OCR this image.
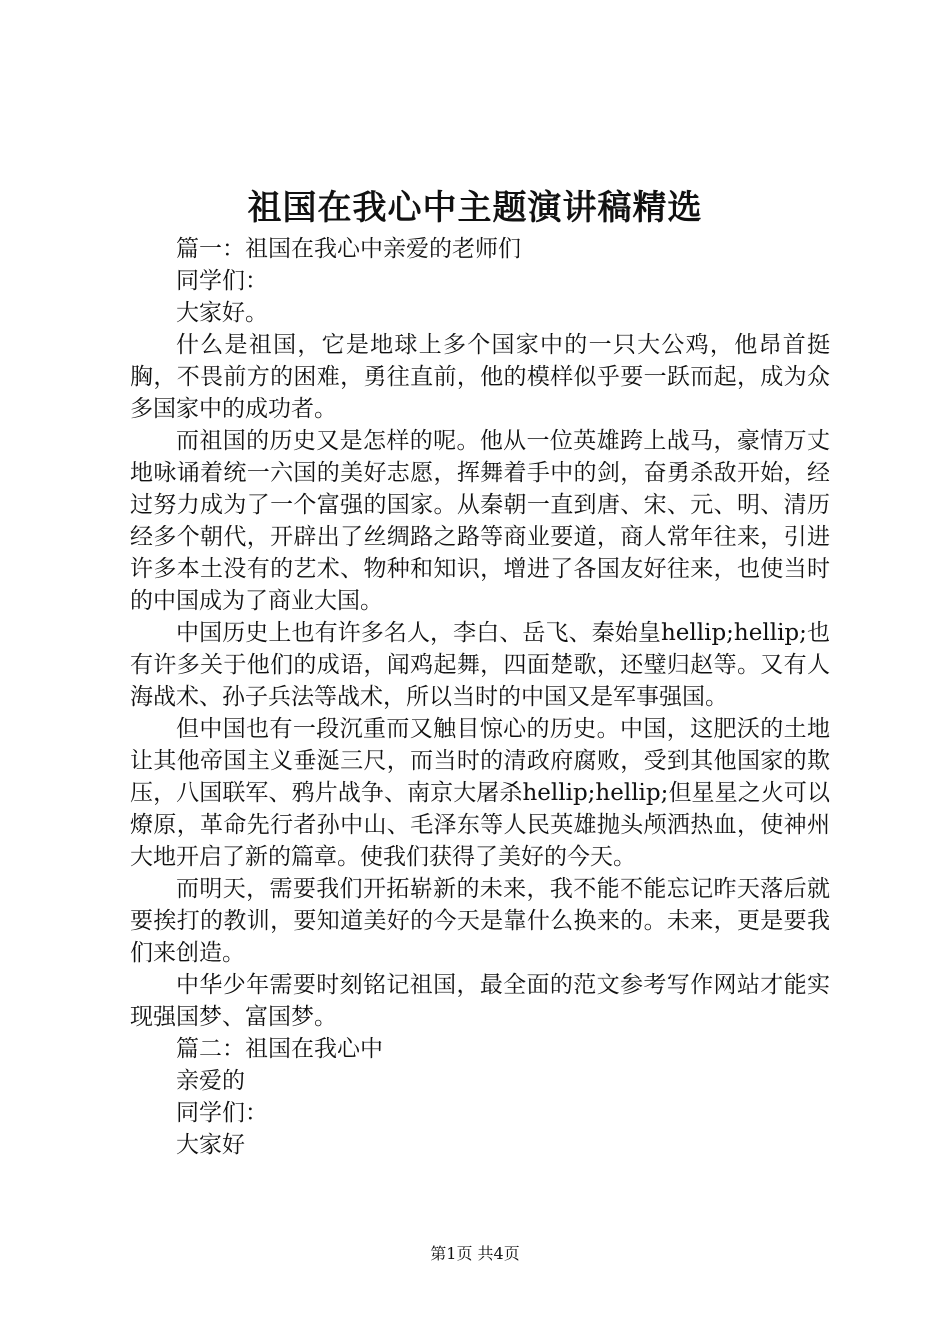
祖国在我心中主题演讲稿精选

篇一：祖国在我心中亲爱的老师们

同学们：

大家好。

什么是祖国，它是地球上多个国家中的一只大公鸡，他昂首挺胸，不畏前方的困难，勇往直前，他的模样似乎要一跃而起，成为众多国家中的成功者。

而祖国的历史又是怎样的呢。他从一位英雄跨上战马，豪情万丈地咏诵着统一六国的美好志愿，挥舞着手中的剑，奋勇杀敌开始，经过努力成为了一个富强的国家。从秦朝一直到唐、宋、元、明、清历经多个朝代，开辟出了丝绸路之路等商业要道，商人常年往来，引进许多本土没有的艺术、物种和知识，增进了各国友好往来，也使当时的中国成为了商业大国。

中国历史上也有许多名人，李白、岳飞、秦始皇hellip;hellip;也有许多关于他们的成语，闻鸡起舞，四面楚歌，还璧归赵等。又有人海战术、孙子兵法等战术，所以当时的中国又是军事强国。

但中国也有一段沉重而又触目惊心的历史。中国，这肥沃的土地让其他帝国主义垂涎三尺，而当时的清政府腐败，受到其他国家的欺压，八国联军、鸦片战争、南京大屠杀hellip;hellip;但星星之火可以燎原，革命先行者孙中山、毛泽东等人民英雄抛头颅洒热血，使神州大地开启了新的篇章。使我们获得了美好的今天。

而明天，需要我们开拓崭新的未来，我不能不能忘记昨天落后就要挨打的教训，要知道美好的今天是靠什么换来的。未来，更是要我们来创造。

中华少年需要时刻铭记祖国，最全面的范文参考写作网站才能实现强国梦、富国梦。

篇二：祖国在我心中

亲爱的

同学们：

大家好

第1页 共4页
